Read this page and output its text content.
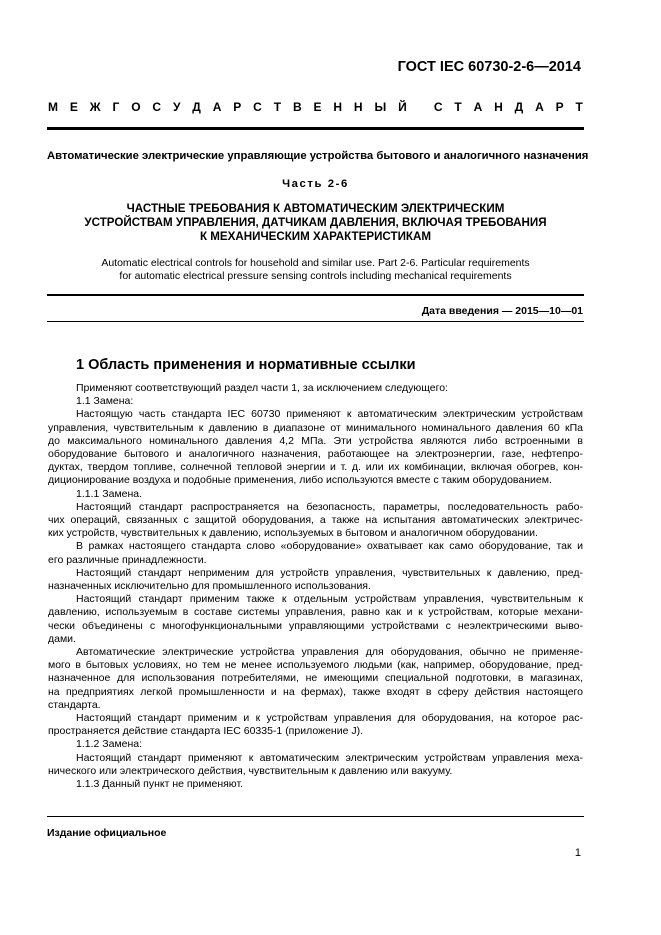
ГОСТ IEC 60730-2-6—2014
М Е Ж Г О С У Д А Р С Т В Е Н Н Ы Й
С Т А Н Д А Р Т
Автоматические электрические управляющие устройства бытового и аналогичного назначения
Часть 2-6
ЧАСТНЫЕ ТРЕБОВАНИЯ К АВТОМАТИЧЕСКИМ ЭЛЕКТРИЧЕСКИМ
УСТРОЙСТВАМ УПРАВЛЕНИЯ, ДАТЧИКАМ ДАВЛЕНИЯ, ВКЛЮЧАЯ ТРЕБОВАНИЯ
К МЕХАНИЧЕСКИМ ХАРАКТЕРИСТИКАМ
Automatic electrical controls for household and similar use. Part 2-6. Particular requirements
for automatic electrical pressure sensing controls including mechanical requirements
Дата введения — 2015—10—01
1 Область применения и нормативные ссылки

Применяют соответствующий раздел части 1, за исключением следующего:

1.1 Замена:

Настоящую часть стандарта IEC 60730 применяют к автоматическим электрическим устройствам

управления, чувствительным к давлению в диапазоне от минимального номинального давления 60 кПа

до максимального номинального давления 4,2 МПа. Эти устройства являются либо встроенными в

оборудование бытового и аналогичного назначения, работающее на электроэнергии, газе, нефтепро-

дуктах, твердом топливе, солнечной тепловой энергии и т. д. или их комбинации, включая обогрев, кон-

диционирование воздуха и подобные применения, либо используются вместе с таким оборудованием.

1.1.1 Замена.

Настоящий стандарт распространяется на безопасность, параметры, последовательность рабо-

чих операций, связанных с защитой оборудования, а также на испытания автоматических электричес-

ких устройств, чувствительных к давлению, используемых в бытовом и аналогичном оборудовании.

В рамках настоящего стандарта слово «оборудование» охватывает как само оборудование, так и

его различные принадлежности.

Настоящий стандарт неприменим для устройств управления, чувствительных к давлению, пред-

назначенных исключительно для промышленного использования.

Настоящий стандарт применим также к отдельным устройствам управления, чувствительным к

давлению, используемым в составе системы управления, равно как и к устройствам, которые механи-

чески объединены с многофункциональными управляющими устройствами с неэлектрическими выво-

дами.

Автоматические электрические устройства управления для оборудования, обычно не применяе-

мого в бытовых условиях, но тем не менее используемого людьми (как, например, оборудование, пред-

назначенное для использования потребителями, не имеющими специальной подготовки, в магазинах,

на предприятиях легкой промышленности и на фермах), также входят в сферу действия настоящего

стандарта.

Настоящий стандарт применим и к устройствам управления для оборудования, на которое рас-

пространяется действие стандарта IEC 60335-1 (приложение J).

1.1.2 Замена:

Настоящий стандарт применяют к автоматическим электрическим устройствам управления меха-

нического или электрического действия, чувствительным к давлению или вакууму.

1.1.3 Данный пункт не применяют.

Издание официальное
1
